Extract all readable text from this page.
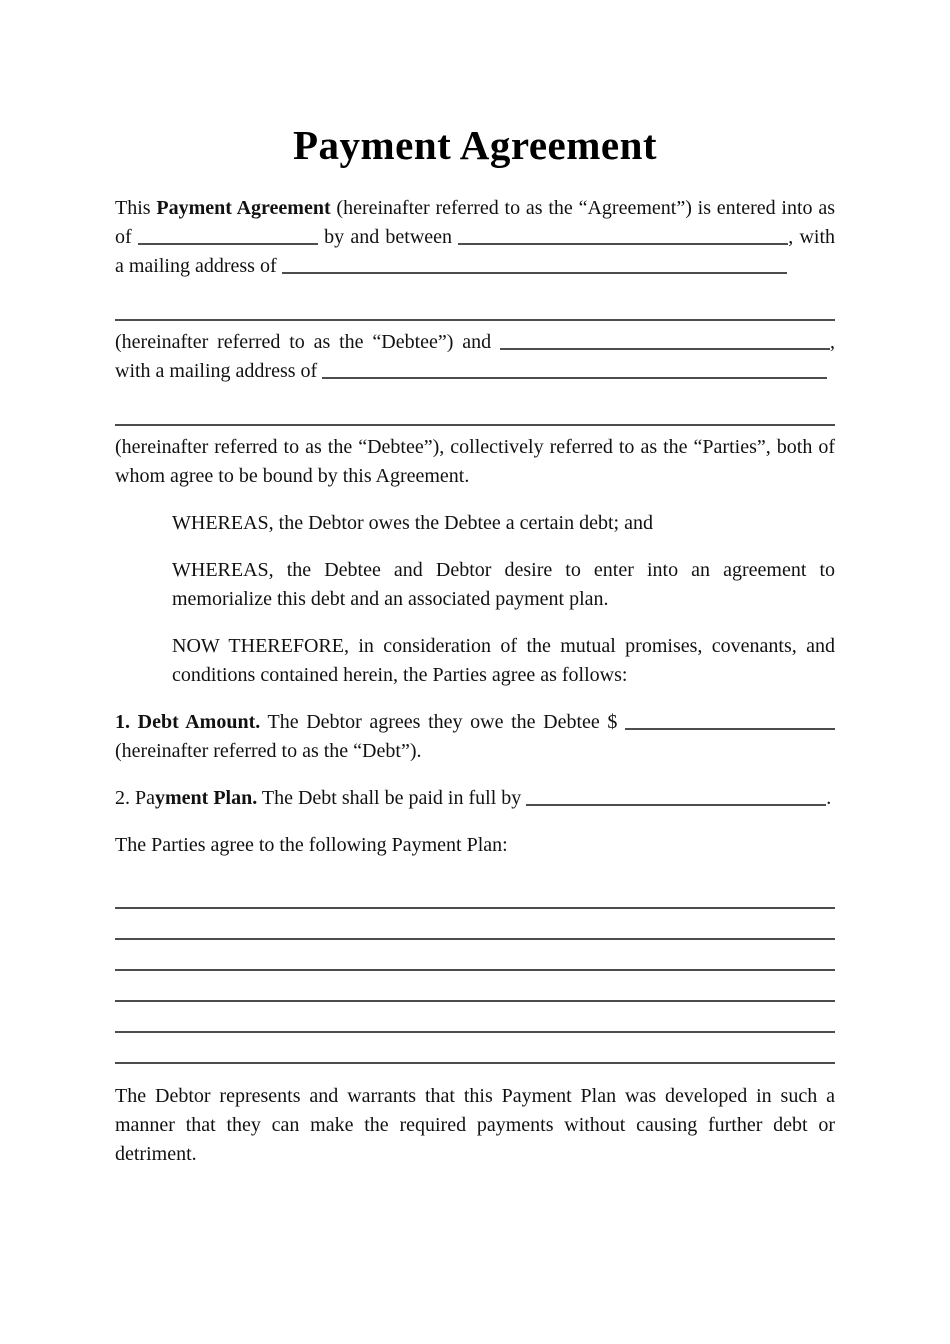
Payment Agreement

This Payment Agreement (hereinafter referred to as the “Agreement”) is entered into as of	by and between	, with a mailing address of

(hereinafter referred to as the “Debtee”) and	, with a mailing address of

(hereinafter referred to as the “Debtee”), collectively referred to as the “Parties”, both of whom agree to be bound by this Agreement.

WHEREAS, the Debtor owes the Debtee a certain debt; and

WHEREAS, the Debtee and Debtor desire to enter into an agreement to memorialize this debt and an associated payment plan.

NOW THEREFORE, in consideration of the mutual promises, covenants, and conditions contained herein, the Parties agree as follows:

1. Debt Amount. The Debtor agrees they owe the Debtee $  (hereinafter referred to as the “Debt”).

2. Payment Plan. The Debt shall be paid in full by	.

The Parties agree to the following Payment Plan:

The Debtor represents and warrants that this Payment Plan was developed in such a manner that they can make the required payments without causing further debt or detriment.
